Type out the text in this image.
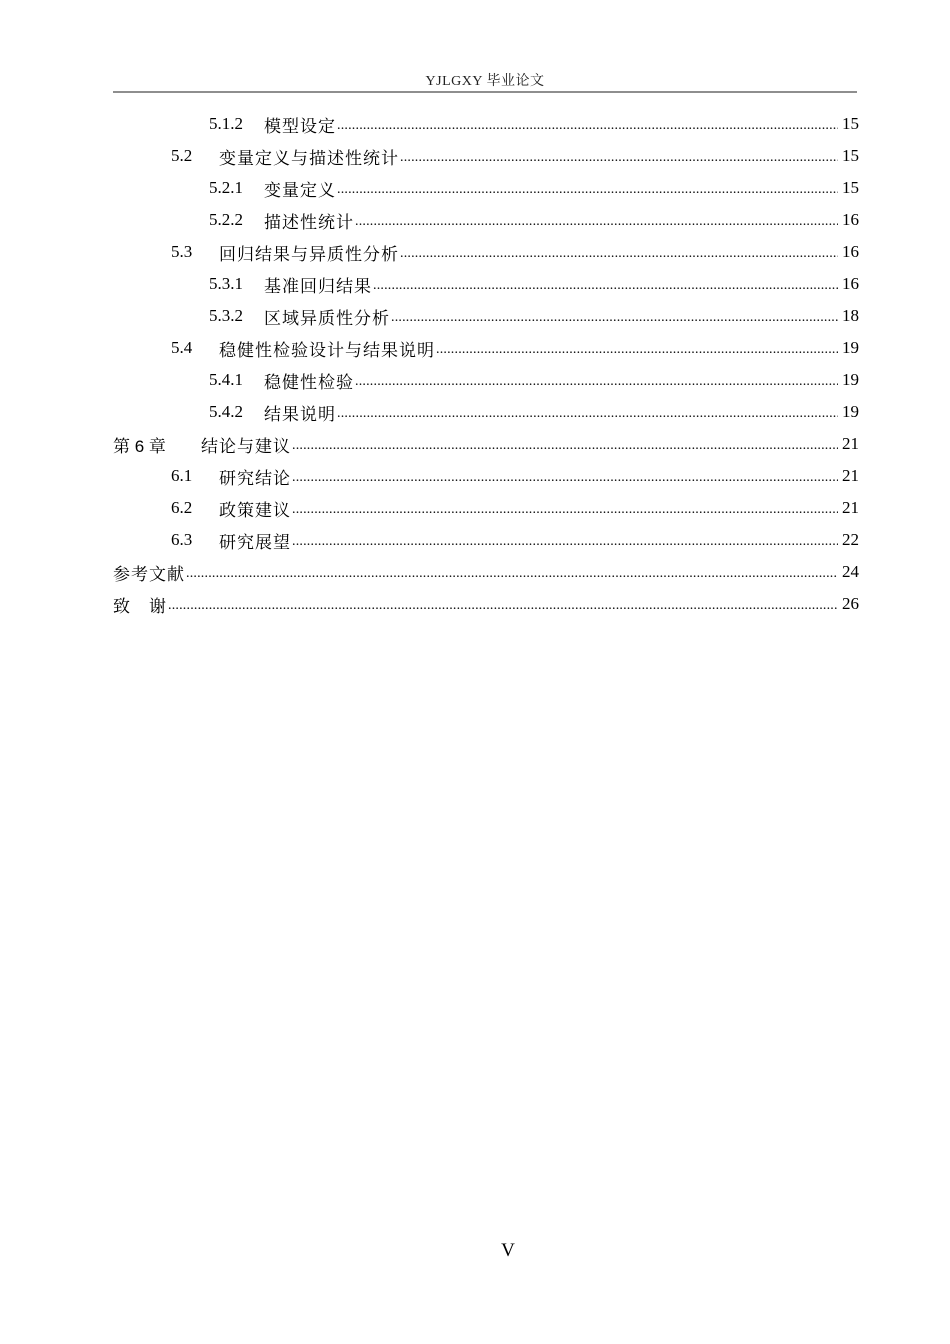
YJLGXY 毕业论文
5.1.2	模型设定 .....	15
5.2	变量定义与描述性统计 .....	15
5.2.1	变量定义 .....	15
5.2.2	描述性统计 .....	16
5.3	回归结果与异质性分析 .....	16
5.3.1	基准回归结果 .....	16
5.3.2	区域异质性分析 .....	18
5.4	稳健性检验设计与结果说明 .....	19
5.4.1	稳健性检验 .....	19
5.4.2	结果说明 .....	19
第 6 章	结论与建议 .....	21
6.1	研究结论 .....	21
6.2	政策建议 .....	21
6.3	研究展望 .....	22
参考文献 .....	24
致　谢 .....	26
V
